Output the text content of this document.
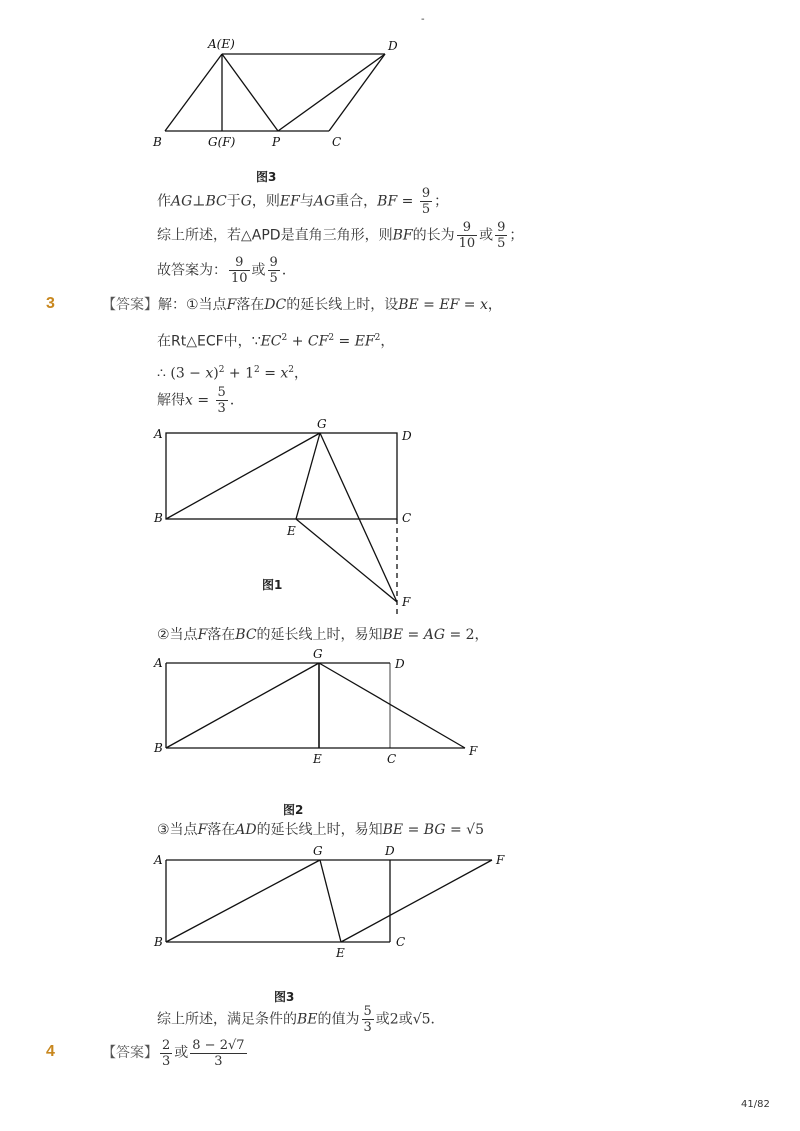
-
A(E)	D
B	G(F)	P	C
A
G
D
B
E
C
F
A
G
D
B
E	C
F
A
G	D
F
B
E
C
图3
作AG⊥BC于G，则EF与AG重合，BF = $\frac{9}{5}$ ；
综上所述，若△APD是直角三角形，则BF的长为 $\frac{9}{10}$ 或 $\frac{9}{5}$ ；
故答案为： $\frac{9}{10}$ 或 $\frac{9}{5}$ ．
3	【答案】解：①当点F落在DC的延长线上时，设BE = EF = x，
在Rt△ECF中，$\because EC^2 + CF^2 = EF^2$，
∴ $(3 - x)^2 + 1^2 = x^2$，
解得$x = \frac{5}{3}$ ．
图1
②当点F落在BC的延长线上时，易知BE = AG = 2，
图2
③当点F落在AD的延长线上时，易知BE = BG = √5
图3
综上所述，满足条件的BE的值为 $\frac{5}{3}$ 或2或√5．
4	【答案】 $\frac{2}{3}$ 或 $\frac{8 - 2√7}{3}$
41/82
